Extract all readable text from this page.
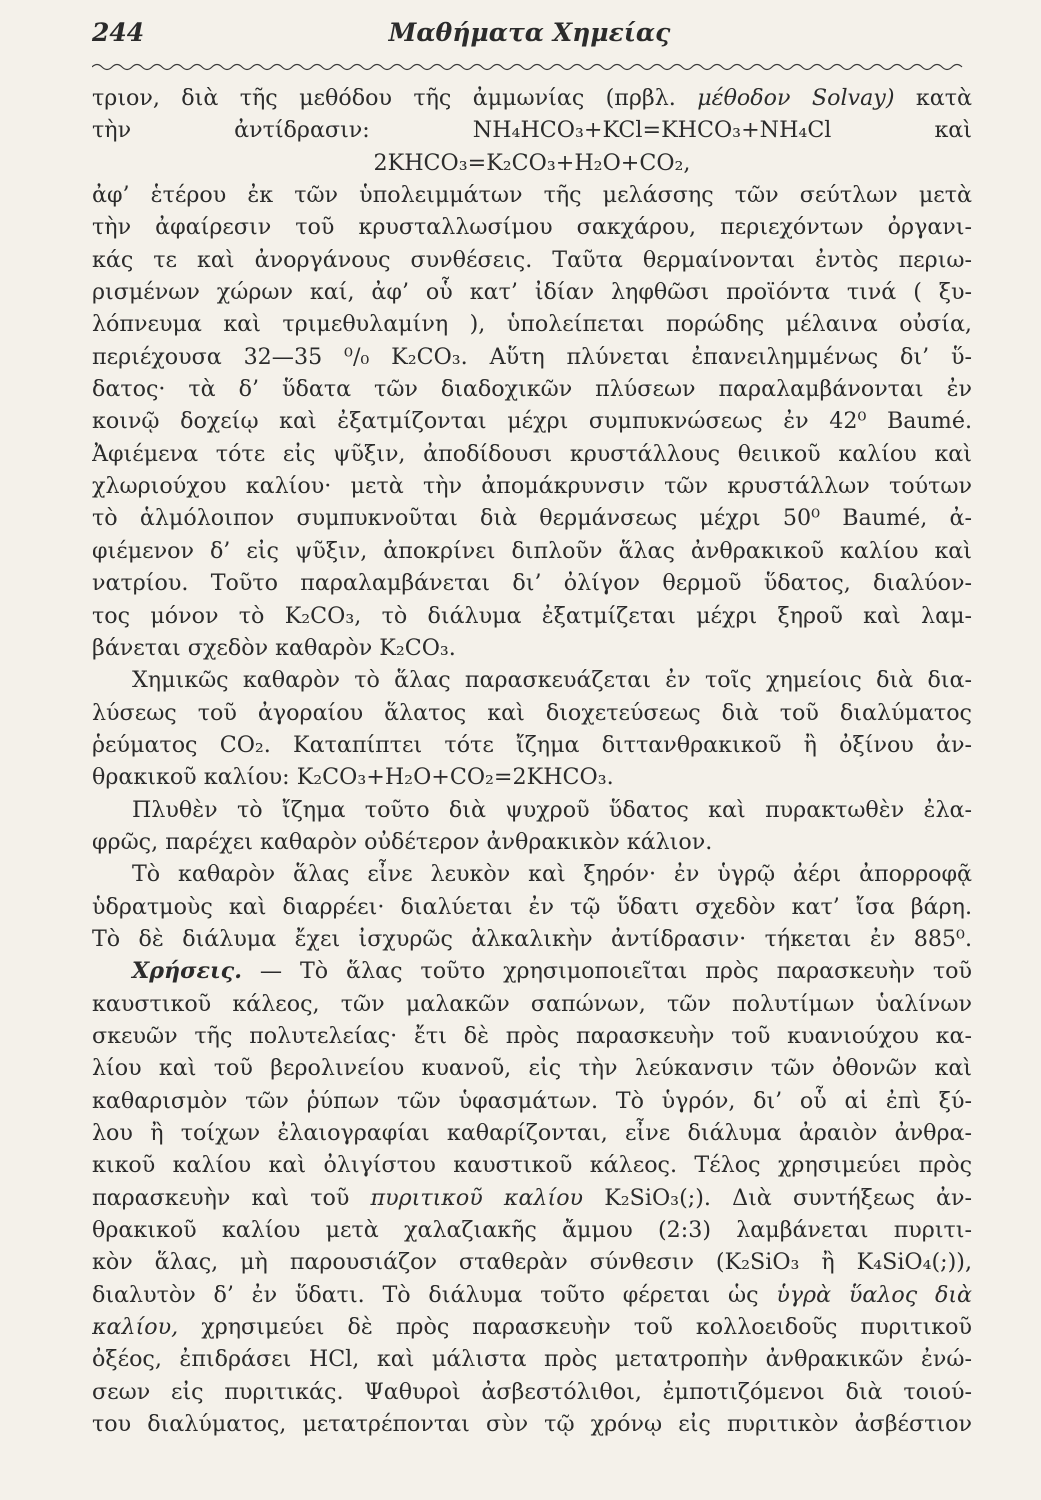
244	Μαθήματα Χημείας
τριον, διὰ τῆς μεθόδου τῆς ἀμμωνίας (πρβλ. μέθοδον Solvay) κατὰ
τὴν ἀντίδρασιν: NH₄HCO₃+KCl=KHCO₃+NH₄Cl καὶ
2KHCO₃=K₂CO₃+H₂O+CO₂,
ἀφ’ ἑτέρου ἐκ τῶν ὑπολειμμάτων τῆς μελάσσης τῶν σεύτλων μετὰ
τὴν ἀφαίρεσιν τοῦ κρυσταλλωσίμου σακχάρου, περιεχόντων ὀργανι-
κάς τε καὶ ἀνοργάνους συνθέσεις. Ταῦτα θερμαίνονται ἐντὸς περιω-
ρισμένων χώρων καί, ἀφ’ οὗ κατ’ ἰδίαν ληφθῶσι προϊόντα τινά ( ξυ-
λόπνευμα καὶ τριμεθυλαμίνη ), ὑπολείπεται πορώδης μέλαινα οὐσία,
περιέχουσα 32—35 ⁰/₀ K₂CO₃. Αὕτη πλύνεται ἐπανειλημμένως δι’ ὕ-
δατος· τὰ δ’ ὕδατα τῶν διαδοχικῶν πλύσεων παραλαμβάνονται ἐν
κοινῷ δοχείῳ καὶ ἐξατμίζονται μέχρι συμπυκνώσεως ἐν 42⁰ Baumé.
Ἀφιέμενα τότε εἰς ψῦξιν, ἀποδίδουσι κρυστάλλους θειικοῦ καλίου καὶ
χλωριούχου καλίου· μετὰ τὴν ἀπομάκρυνσιν τῶν κρυστάλλων τούτων
τὸ ἁλμόλοιπον συμπυκνοῦται διὰ θερμάνσεως μέχρι 50⁰ Baumé, ἀ-
φιέμενον δ’ εἰς ψῦξιν, ἀποκρίνει διπλοῦν ἅλας ἀνθρακικοῦ καλίου καὶ
νατρίου. Τοῦτο παραλαμβάνεται δι’ ὀλίγον θερμοῦ ὕδατος, διαλύον-
τος μόνον τὸ K₂CO₃, τὸ διάλυμα ἐξατμίζεται μέχρι ξηροῦ καὶ λαμ-
βάνεται σχεδὸν καθαρὸν K₂CO₃.
Χημικῶς καθαρὸν τὸ ἅλας παρασκευάζεται ἐν τοῖς χημείοις διὰ δια-
λύσεως τοῦ ἀγοραίου ἅλατος καὶ διοχετεύσεως διὰ τοῦ διαλύματος
ῥεύματος CO₂. Καταπίπτει τότε ἴζημα διττανθρακικοῦ ἢ ὀξίνου ἀν-
θρακικοῦ καλίου: K₂CO₃+H₂O+CO₂=2KHCO₃.
Πλυθὲν τὸ ἴζημα τοῦτο διὰ ψυχροῦ ὕδατος καὶ πυρακτωθὲν ἐλα-
φρῶς, παρέχει καθαρὸν οὐδέτερον ἀνθρακικὸν κάλιον.
Τὸ καθαρὸν ἅλας εἶνε λευκὸν καὶ ξηρόν· ἐν ὑγρῷ ἀέρι ἀπορροφᾷ
ὑδρατμοὺς καὶ διαρρέει· διαλύεται ἐν τῷ ὕδατι σχεδὸν κατ’ ἴσα βάρη.
Τὸ δὲ διάλυμα ἔχει ἰσχυρῶς ἀλκαλικὴν ἀντίδρασιν· τήκεται ἐν 885⁰.
Χρήσεις. — Τὸ ἅλας τοῦτο χρησιμοποιεῖται πρὸς παρασκευὴν τοῦ
καυστικοῦ κάλεος, τῶν μαλακῶν σαπώνων, τῶν πολυτίμων ὑαλίνων
σκευῶν τῆς πολυτελείας· ἔτι δὲ πρὸς παρασκευὴν τοῦ κυανιούχου κα-
λίου καὶ τοῦ βερολινείου κυανοῦ, εἰς τὴν λεύκανσιν τῶν ὀθονῶν καὶ
καθαρισμὸν τῶν ῥύπων τῶν ὑφασμάτων. Τὸ ὑγρόν, δι’ οὗ αἱ ἐπὶ ξύ-
λου ἢ τοίχων ἐλαιογραφίαι καθαρίζονται, εἶνε διάλυμα ἀραιὸν ἀνθρα-
κικοῦ καλίου καὶ ὀλιγίστου καυστικοῦ κάλεος. Τέλος χρησιμεύει πρὸς
παρασκευὴν καὶ τοῦ πυριτικοῦ καλίου K₂SiO₃(;). Διὰ συντήξεως ἀν-
θρακικοῦ καλίου μετὰ χαλαζιακῆς ἄμμου (2:3) λαμβάνεται πυριτι-
κὸν ἅλας, μὴ παρουσιάζον σταθερὰν σύνθεσιν (K₂SiO₃ ἢ K₄SiO₄(;)),
διαλυτὸν δ’ ἐν ὕδατι. Τὸ διάλυμα τοῦτο φέρεται ὡς ὑγρὰ ὕαλος διὰ
καλίου, χρησιμεύει δὲ πρὸς παρασκευὴν τοῦ κολλοειδοῦς πυριτικοῦ
ὀξέος, ἐπιδράσει HCl, καὶ μάλιστα πρὸς μετατροπὴν ἀνθρακικῶν ἐνώ-
σεων εἰς πυριτικάς. Ψαθυροὶ ἀσβεστόλιθοι, ἐμποτιζόμενοι διὰ τοιού-
του διαλύματος, μετατρέπονται σὺν τῷ χρόνῳ εἰς πυριτικὸν ἀσβέστιον
